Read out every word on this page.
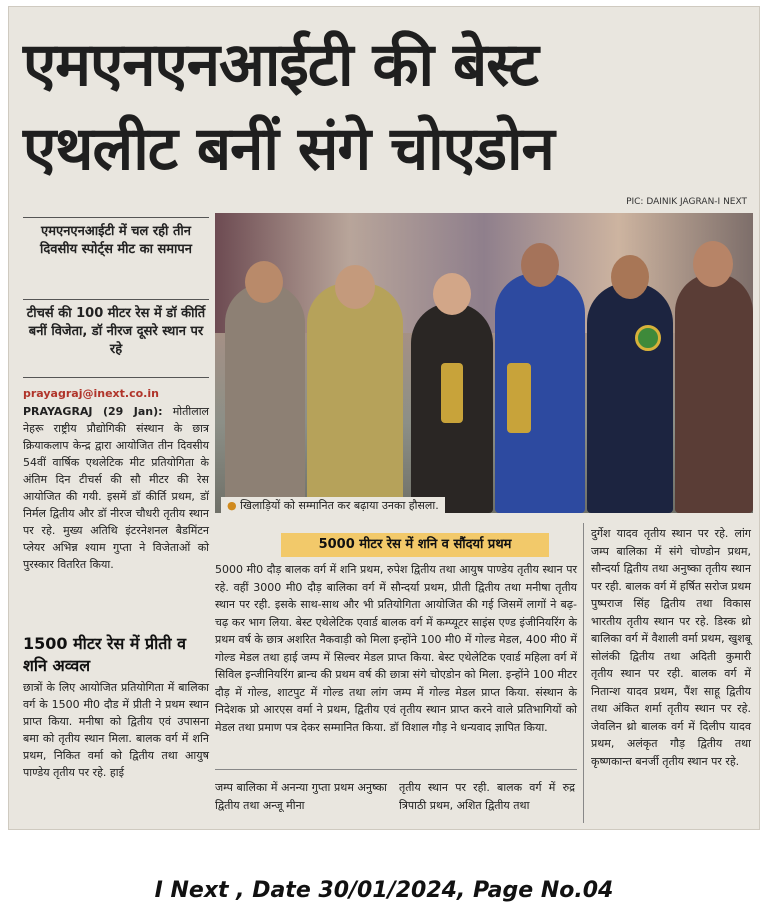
एमएनएनआईटी की बेस्ट
एथलीट बनीं संगे चोएडोन
PIC: DAINIK JAGRAN-I NEXT
एमएनएनआईटी में चल रही तीन दिवसीय स्पोर्ट्स मीट का समापन
टीचर्स की 100 मीटर रेस में डॉ कीर्ति बनीं विजेता, डॉ नीरज दूसरे स्थान पर रहे
prayagraj@inext.co.in
PRAYAGRAJ (29 Jan): मोतीलाल नेहरू राष्ट्रीय प्रौद्योगिकी संस्थान के छात्र क्रियाकलाप केन्द्र द्वारा आयोजित तीन दिवसीय 54वीं वार्षिक एथलेटिक मीट प्रतियोगिता के अंतिम दिन टीचर्स की सौ मीटर की रेस आयोजित की गयी. इसमें डॉ कीर्ति प्रथम, डॉ निर्मल द्वितीय और डॉ नीरज चौधरी तृतीय स्थान पर रहे. मुख्य अतिथि इंटरनेशनल बैडमिंटन प्लेयर अभिन्न श्याम गुप्ता ने विजेताओं को पुरस्कार वितरित किया.
1500 मीटर रेस में प्रीती व शनि अव्वल
छात्रों के लिए आयोजित प्रतियोगिता में बालिका वर्ग के 1500 मी0 दौड में प्रीती ने प्रथम स्थान प्राप्त किया. मनीषा को द्वितीय एवं उपासना बमा को तृतीय स्थान मिला. बालक वर्ग में शनि प्रथम, निकित वर्मा को द्वितीय तथा आयुष पाण्डेय तृतीय पर रहे. हाई
● खिलाड़ियों को सम्मानित कर बढ़ाया उनका हौसला.
5000 मीटर रेस में शनि व सौंदर्या प्रथम
5000 मी0 दौड़ बालक वर्ग में शनि प्रथम, रुपेश द्वितीय तथा आयुष पाण्डेय तृतीय स्थान पर रहे. वहीं 3000 मी0 दौड़ बालिका वर्ग में सौन्दर्या प्रथम, प्रीती द्वितीय तथा मनीषा तृतीय स्थान पर रही. इसके साथ-साथ और भी प्रतियोगिता आयोजित की गई जिसमें लागों ने बढ़-चढ़ कर भाग लिया. बेस्ट एथेलेटिक एवार्ड बालक वर्ग में कम्प्यूटर साइंस एण्ड इंजीनियरिंग के प्रथम वर्ष के छात्र अशरित नैकवाड़ी को मिला इन्होंने 100 मी0 में गोल्ड मेडल, 400 मी0 में गोल्ड मेडल तथा हाई जम्प में सिल्वर मेडल प्राप्त किया. बेस्ट एथेलेटिक एवार्ड महिला वर्ग में सिविल इन्जीनियरिंग ब्रान्च की प्रथम वर्ष की छात्रा संगे चोएडोन को मिला. इन्होंने 100 मीटर दौड़ में गोल्ड, शाटपुट में गोल्ड तथा लांग जम्प में गोल्ड मेडल प्राप्त किया. संस्थान के निदेशक प्रो आरएस वर्मा ने प्रथम, द्वितीय एवं तृतीय स्थान प्राप्त करने वाले प्रतिभागियों को मेडल तथा प्रमाण पत्र देकर सम्मानित किया. डॉ विशाल गौड़ ने धन्यवाद ज्ञापित किया.
जम्प बालिका में अनन्या गुप्ता प्रथम अनुष्का द्वितीय तथा अन्जू मीना
तृतीय स्थान पर रही. बालक वर्ग में रुद्र त्रिपाठी प्रथम, अशित द्वितीय तथा
दुर्गेश यादव तृतीय स्थान पर रहे. लांग जम्प बालिका में संगे चोण्डोन प्रथम, सौन्दर्या द्वितीय तथा अनुष्का तृतीय स्थान पर रही. बालक वर्ग में हर्षित सरोज प्रथम पुष्पराज सिंह द्वितीय तथा विकास भारतीय तृतीय स्थान पर रहे. डिस्क थ्रो बालिका वर्ग में वैशाली वर्मा प्रथम, खुशबू सोलंकी द्वितीय तथा अदिती कुमारी तृतीय स्थान पर रही. बालक वर्ग में नितान्श यादव प्रथम, पैंश साहू द्वितीय तथा अंकित शर्मा तृतीय स्थान पर रहे. जेवलिन थ्रो बालक वर्ग में दिलीप यादव प्रथम, अलंकृत गौड़ द्वितीय तथा कृष्णकान्त बनर्जी तृतीय स्थान पर रहे.
I Next , Date 30/01/2024, Page No.04
